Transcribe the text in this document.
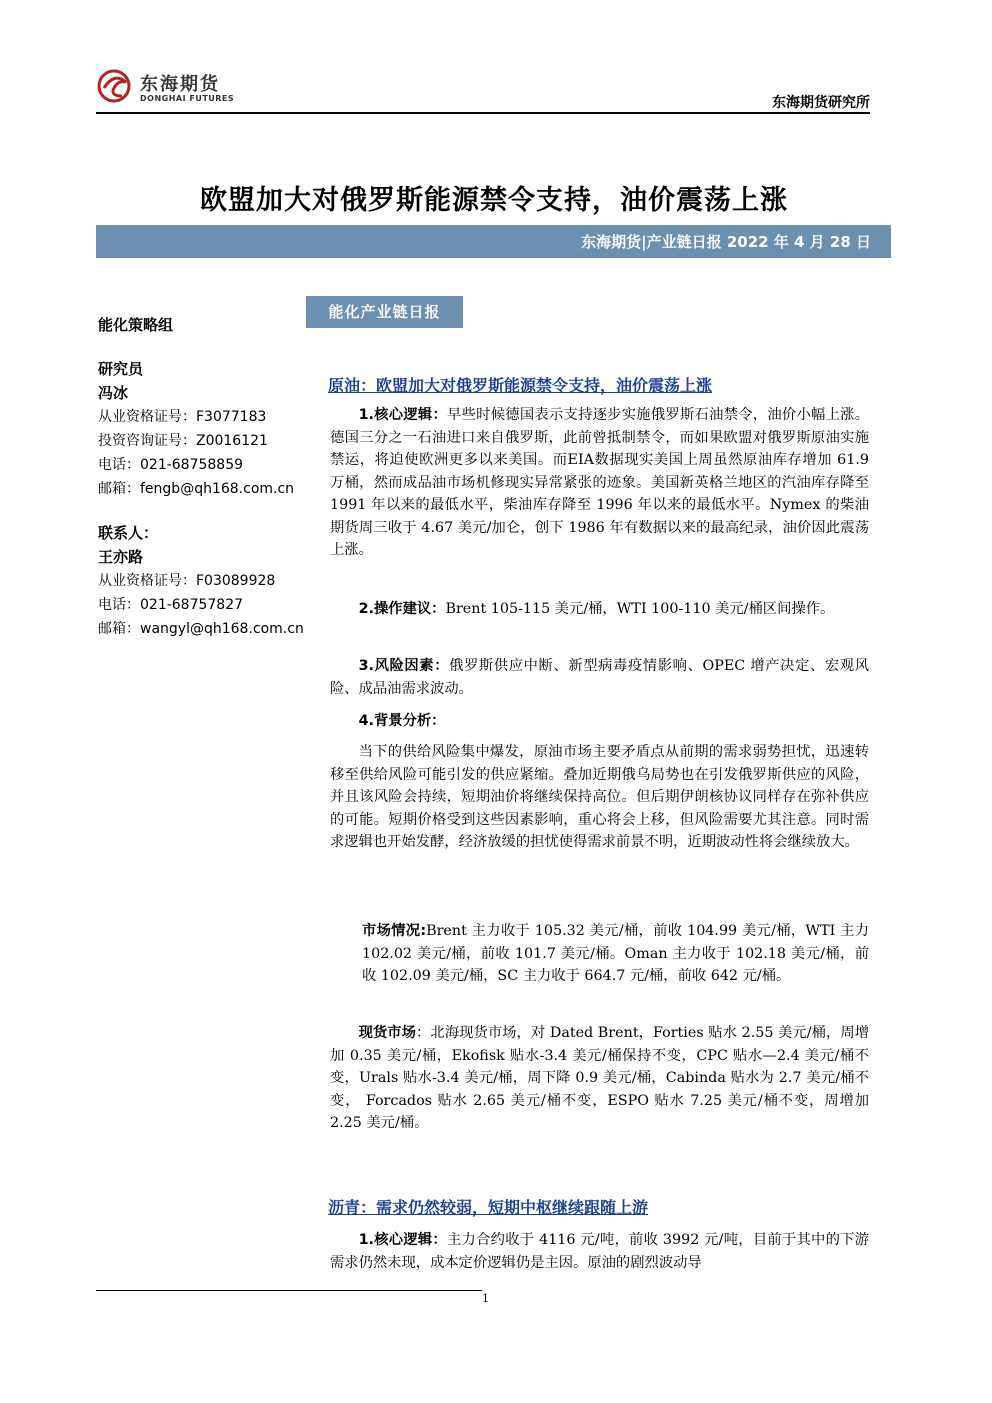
东海期货
DONGHAI FUTURES	东海期货研究所
欧盟加大对俄罗斯能源禁令支持，油价震荡上涨
东海期货|产业链日报 2022 年 4 月 28 日
能化策略组
研究员
冯冰
从业资格证号：F3077183
投资咨询证号：Z0016121
电话：021-68758859
邮箱：fengb@qh168.com.cn
联系人：
王亦路
从业资格证号：F03089928
电话：021-68757827
邮箱：wangyl@qh168.com.cn
能化产业链日报
原油：欧盟加大对俄罗斯能源禁令支持，油价震荡上涨
1.核心逻辑：早些时候德国表示支持逐步实施俄罗斯石油禁令，油价小幅上涨。德国三分之一石油进口来自俄罗斯，此前曾抵制禁令，而如果欧盟对俄罗斯原油实施禁运，将迫使欧洲更多以来美国。而EIA数据现实美国上周虽然原油库存增加 61.9 万桶，然而成品油市场机修现实异常紧张的迹象。美国新英格兰地区的汽油库存降至 1991 年以来的最低水平，柴油库存降至 1996 年以来的最低水平。Nymex 的柴油期货周三收于 4.67 美元/加仑，创下 1986 年有数据以来的最高纪录，油价因此震荡上涨。
2.操作建议：Brent 105-115 美元/桶，WTI 100-110 美元/桶区间操作。
3.风险因素：俄罗斯供应中断、新型病毒疫情影响、OPEC 增产决定、宏观风险、成品油需求波动。
4.背景分析：
当下的供给风险集中爆发，原油市场主要矛盾点从前期的需求弱势担忧，迅速转移至供给风险可能引发的供应紧缩。叠加近期俄乌局势也在引发俄罗斯供应的风险，并且该风险会持续，短期油价将继续保持高位。但后期伊朗核协议同样存在弥补供应的可能。短期价格受到这些因素影响，重心将会上移，但风险需要尤其注意。同时需求逻辑也开始发酵，经济放缓的担忧使得需求前景不明，近期波动性将会继续放大。
市场情况:Brent 主力收于 105.32 美元/桶，前收 104.99 美元/桶，WTI 主力 102.02 美元/桶，前收 101.7 美元/桶。Oman 主力收于 102.18 美元/桶，前收 102.09 美元/桶，SC 主力收于 664.7 元/桶，前收 642 元/桶。
现货市场：北海现货市场，对 Dated Brent，Forties 贴水 2.55 美元/桶，周增加 0.35 美元/桶，Ekofisk 贴水-3.4 美元/桶保持不变，CPC 贴水—2.4 美元/桶不变，Urals 贴水-3.4 美元/桶，周下降 0.9 美元/桶，Cabinda 贴水为 2.7 美元/桶不变， Forcados 贴水 2.65 美元/桶不变，ESPO 贴水 7.25 美元/桶不变，周增加 2.25 美元/桶。
沥青：需求仍然较弱，短期中枢继续跟随上游
1.核心逻辑：主力合约收于 4116 元/吨，前收 3992 元/吨，目前于其中的下游需求仍然未现，成本定价逻辑仍是主因。原油的剧烈波动导
1
